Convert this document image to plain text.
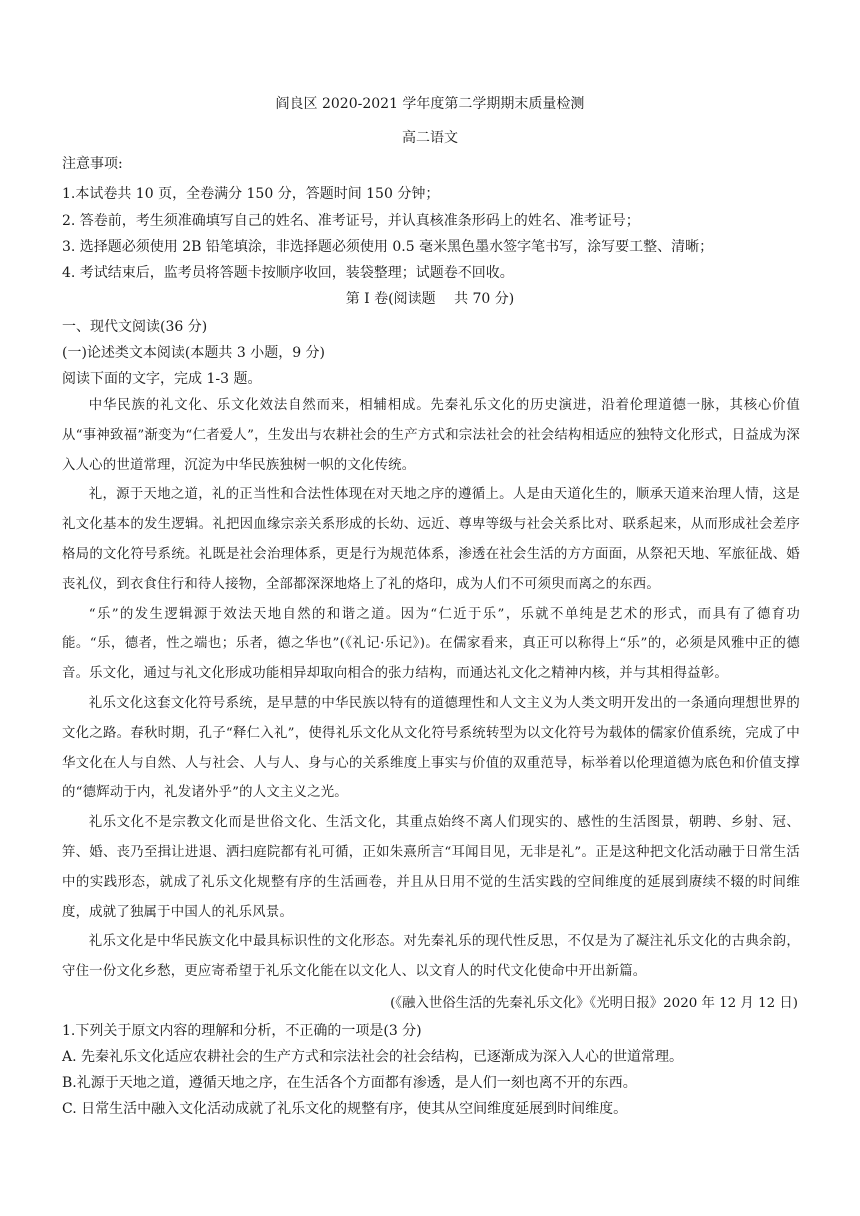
阎良区 2020-2021 学年度第二学期期末质量检测
高二语文
注意事项:
1.本试卷共 10 页，全卷满分 150 分，答题时间 150 分钟；
2. 答卷前，考生须准确填写自己的姓名、准考证号，并认真核准条形码上的姓名、准考证号；
3. 选择题必须使用 2B 铅笔填涂，非选择题必须使用 0.5 毫米黑色墨水签字笔书写，涂写要工整、清晰；
4. 考试结束后，监考员将答题卡按顺序收回，装袋整理；试题卷不回收。
第 I 卷(阅读题　 共 70 分)
一、现代文阅读(36 分)
(一)论述类文本阅读(本题共 3 小题，9 分)
阅读下面的文字，完成 1-3 题。

中华民族的礼文化、乐文化效法自然而来，相辅相成。先秦礼乐文化的历史演进，沿着伦理道德一脉，其核心价值从“事神致福”渐变为“仁者爱人”，生发出与农耕社会的生产方式和宗法社会的社会结构相适应的独特文化形式，日益成为深入人心的世道常理，沉淀为中华民族独树一帜的文化传统。

礼，源于天地之道，礼的正当性和合法性体现在对天地之序的遵循上。人是由天道化生的，顺承天道来治理人情，这是礼文化基本的发生逻辑。礼把因血缘宗亲关系形成的长幼、远近、尊卑等级与社会关系比对、联系起来，从而形成社会差序格局的文化符号系统。礼既是社会治理体系，更是行为规范体系，渗透在社会生活的方方面面，从祭祀天地、军旅征战、婚丧礼仪，到衣食住行和待人接物，全部都深深地烙上了礼的烙印，成为人们不可须臾而离之的东西。

“乐”的发生逻辑源于效法天地自然的和谐之道。因为“仁近于乐”，乐就不单纯是艺术的形式，而具有了德育功能。“乐，德者，性之端也；乐者，德之华也”(《礼记·乐记》)。在儒家看来，真正可以称得上“乐”的，必须是风雅中正的德音。乐文化，通过与礼文化形成功能相异却取向相合的张力结构，而通达礼文化之精神内核，并与其相得益彰。

礼乐文化这套文化符号系统，是早慧的中华民族以特有的道德理性和人文主义为人类文明开发出的一条通向理想世界的文化之路。春秋时期，孔子“释仁入礼”，使得礼乐文化从文化符号系统转型为以文化符号为载体的儒家价值系统，完成了中华文化在人与自然、人与社会、人与人、身与心的关系维度上事实与价值的双重范导，标举着以伦理道德为底色和价值支撑的“德辉动于内，礼发诸外乎”的人文主义之光。

礼乐文化不是宗教文化而是世俗文化、生活文化，其重点始终不离人们现实的、感性的生活图景，朝聘、乡射、冠、笄、婚、丧乃至揖让进退、洒扫庭院都有礼可循，正如朱熹所言“耳闻目见，无非是礼”。正是这种把文化活动融于日常生活中的实践形态，就成了礼乐文化规整有序的生活画卷，并且从日用不觉的生活实践的空间维度的延展到赓续不辍的时间维度，成就了独属于中国人的礼乐风景。

礼乐文化是中华民族文化中最具标识性的文化形态。对先秦礼乐的现代性反思，不仅是为了凝注礼乐文化的古典余韵，守住一份文化乡愁，更应寄希望于礼乐文化能在以文化人、以文育人的时代文化使命中开出新篇。

(《融入世俗生活的先秦礼乐文化》《光明日报》2020 年 12 月 12 日)
1.下列关于原文内容的理解和分析，不正确的一项是(3 分)
A. 先秦礼乐文化适应农耕社会的生产方式和宗法社会的社会结构，已逐渐成为深入人心的世道常理。
B.礼源于天地之道，遵循天地之序，在生活各个方面都有渗透，是人们一刻也离不开的东西。
C. 日常生活中融入文化活动成就了礼乐文化的规整有序，使其从空间维度延展到时间维度。
